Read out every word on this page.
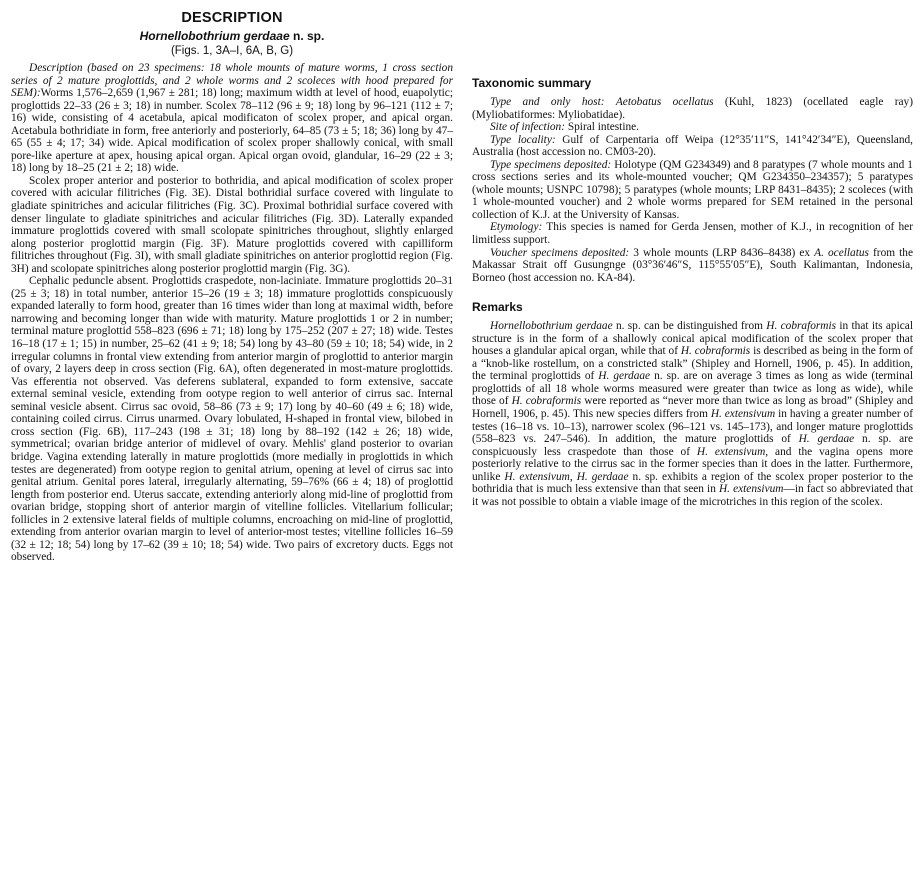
DESCRIPTION
Hornellobothrium gerdaae n. sp.
(Figs. 1, 3A–I, 6A, B, G)

Description (based on 23 specimens: 18 whole mounts of mature worms, 1 cross section series of 2 mature proglottids, and 2 whole worms and 2 scoleces with hood prepared for SEM):Worms 1,576–2,659 (1,967 ± 281; 18) long; maximum width at level of hood, euapolytic; proglottids 22–33 (26 ± 3; 18) in number. Scolex 78–112 (96 ± 9; 18) long by 96–121 (112 ± 7; 16) wide, consisting of 4 acetabula, apical modificaton of scolex proper, and apical organ. Acetabula bothridiate in form, free anteriorly and posteriorly, 64–85 (73 ± 5; 18; 36) long by 47–65 (55 ± 4; 17; 34) wide. Apical modification of scolex proper shallowly conical, with small pore-like aperture at apex, housing apical organ. Apical organ ovoid, glandular, 16–29 (22 ± 3; 18) long by 18–25 (21 ± 2; 18) wide.

Scolex proper anterior and posterior to bothridia, and apical modification of scolex proper covered with acicular filitriches (Fig. 3E). Distal bothridial surface covered with lingulate to gladiate spinitriches and acicular filitriches (Fig. 3C). Proximal bothridial surface covered with denser lingulate to gladiate spinitriches and acicular filitriches (Fig. 3D). Laterally expanded immature proglottids covered with small scolopate spinitriches throughout, slightly enlarged along posterior proglottid margin (Fig. 3F). Mature proglottids covered with capilliform filitriches throughout (Fig. 3I), with small gladiate spinitriches on anterior proglottid region (Fig. 3H) and scolopate spinitriches along posterior proglottid margin (Fig. 3G).

Cephalic peduncle absent. Proglottids craspedote, non-laciniate. Immature proglottids 20–31 (25 ± 3; 18) in total number, anterior 15–26 (19 ± 3; 18) immature proglottids conspicuously expanded laterally to form hood, greater than 16 times wider than long at maximal width, before narrowing and becoming longer than wide with maturity. Mature proglottids 1 or 2 in number; terminal mature proglottid 558–823 (696 ± 71; 18) long by 175–252 (207 ± 27; 18) wide. Testes 16–18 (17 ± 1; 15) in number, 25–62 (41 ± 9; 18; 54) long by 43–80 (59 ± 10; 18; 54) wide, in 2 irregular columns in frontal view extending from anterior margin of proglottid to anterior margin of ovary, 2 layers deep in cross section (Fig. 6A), often degenerated in most-mature proglottids. Vas efferentia not observed. Vas deferens sublateral, expanded to form extensive, saccate external seminal vesicle, extending from ootype region to well anterior of cirrus sac. Internal seminal vesicle absent. Cirrus sac ovoid, 58–86 (73 ± 9; 17) long by 40–60 (49 ± 6; 18) wide, containing coiled cirrus. Cirrus unarmed. Ovary lobulated, H-shaped in frontal view, bilobed in cross section (Fig. 6B), 117–243 (198 ± 31; 18) long by 88–192 (142 ± 26; 18) wide, symmetrical; ovarian bridge anterior of midlevel of ovary. Mehlis' gland posterior to ovarian bridge. Vagina extending laterally in mature proglottids (more medially in proglottids in which testes are degenerated) from ootype region to genital atrium, opening at level of cirrus sac into genital atrium. Genital pores lateral, irregularly alternating, 59–76% (66 ± 4; 18) of proglottid length from posterior end. Uterus saccate, extending anteriorly along mid-line of proglottid from ovarian bridge, stopping short of anterior margin of vitelline follicles. Vitellarium follicular; follicles in 2 extensive lateral fields of multiple columns, encroaching on mid-line of proglottid, extending from anterior ovarian margin to level of anterior-most testes; vitelline follicles 16–59 (32 ± 12; 18; 54) long by 17–62 (39 ± 10; 18; 54) wide. Two pairs of excretory ducts. Eggs not observed.

Taxonomic summary

Type and only host: Aetobatus ocellatus (Kuhl, 1823) (ocellated eagle ray) (Myliobatiformes: Myliobatidae).

Site of infection: Spiral intestine.

Type locality: Gulf of Carpentaria off Weipa (12°35′11″S, 141°42′34″E), Queensland, Australia (host accession no. CM03-20).

Type specimens deposited: Holotype (QM G234349) and 8 paratypes (7 whole mounts and 1 cross sections series and its whole-mounted voucher; QM G234350–234357); 5 paratypes (whole mounts; USNPC 10798); 5 paratypes (whole mounts; LRP 8431–8435); 2 scoleces (with 1 whole-mounted voucher) and 2 whole worms prepared for SEM retained in the personal collection of K.J. at the University of Kansas.

Etymology: This species is named for Gerda Jensen, mother of K.J., in recognition of her limitless support.

Voucher specimens deposited: 3 whole mounts (LRP 8436–8438) ex A. ocellatus from the Makassar Strait off Gusungnge (03°36′46″S, 115°55′05″E), South Kalimantan, Indonesia, Borneo (host accession no. KA-84).

Remarks

Hornellobothrium gerdaae n. sp. can be distinguished from H. cobraformis in that its apical structure is in the form of a shallowly conical apical modification of the scolex proper that houses a glandular apical organ, while that of H. cobraformis is described as being in the form of a “knob-like rostellum, on a constricted stalk” (Shipley and Hornell, 1906, p. 45). In addition, the terminal proglottids of H. gerdaae n. sp. are on average 3 times as long as wide (terminal proglottids of all 18 whole worms measured were greater than twice as long as wide), while those of H. cobraformis were reported as “never more than twice as long as broad” (Shipley and Hornell, 1906, p. 45). This new species differs from H. extensivum in having a greater number of testes (16–18 vs. 10–13), narrower scolex (96–121 vs. 145–173), and longer mature proglottids (558–823 vs. 247–546). In addition, the mature proglottids of H. gerdaae n. sp. are conspicuously less craspedote than those of H. extensivum, and the vagina opens more posteriorly relative to the cirrus sac in the former species than it does in the latter. Furthermore, unlike H. extensivum, H. gerdaae n. sp. exhibits a region of the scolex proper posterior to the bothridia that is much less extensive than that seen in H. extensivum—in fact so abbreviated that it was not possible to obtain a viable image of the microtriches in this region of the scolex.
